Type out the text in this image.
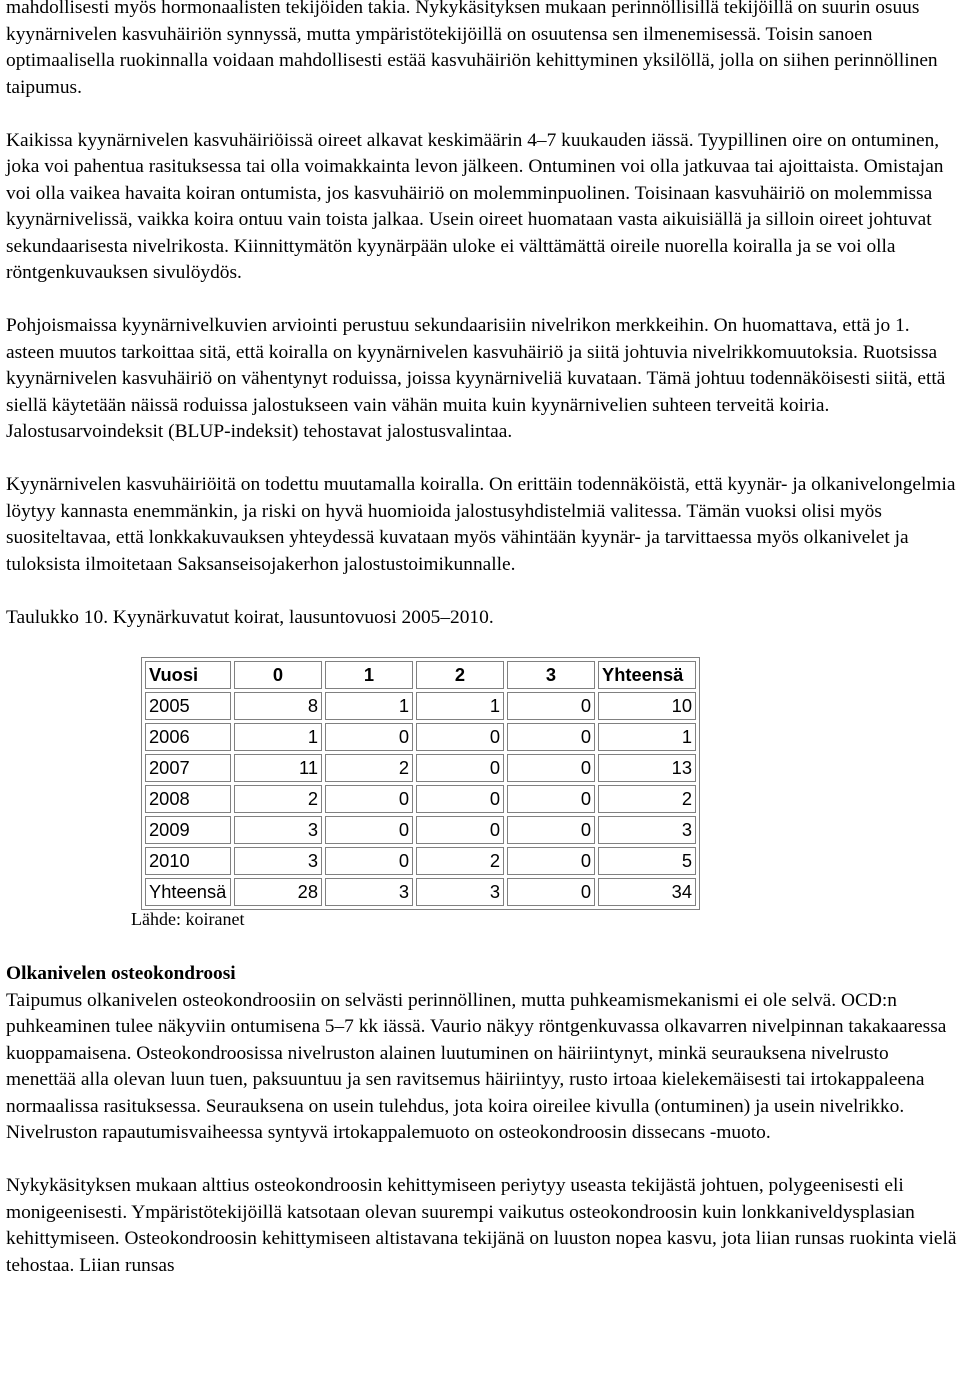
mahdollisesti myös hormonaalisten tekijöiden takia. Nykykäsityksen mukaan perinnöllisillä tekijöillä on suurin osuus kyynärnivelen kasvuhäiriön synnyssä, mutta ympäristötekijöillä on osuutensa sen ilmenemisessä. Toisin sanoen optimaalisella ruokinnalla voidaan mahdollisesti estää kasvuhäiriön kehittyminen yksilöllä, jolla on siihen perinnöllinen taipumus.

Kaikissa kyynärnivelen kasvuhäiriöissä oireet alkavat keskimäärin 4–7 kuukauden iässä. Tyypillinen oire on ontuminen, joka voi pahentua rasituksessa tai olla voimakkainta levon jälkeen. Ontuminen voi olla jatkuvaa tai ajoittaista. Omistajan voi olla vaikea havaita koiran ontumista, jos kasvuhäiriö on molemminpuolinen. Toisinaan kasvuhäiriö on molemmissa kyynärnivelissä, vaikka koira ontuu vain toista jalkaa. Usein oireet huomataan vasta aikuisiällä ja silloin oireet johtuvat sekundaarisesta nivelrikosta. Kiinnittymätön kyynärpään uloke ei välttämättä oireile nuorella koiralla ja se voi olla röntgenkuvauksen sivulöydös.

Pohjoismaissa kyynärnivelkuvien arviointi perustuu sekundaarisiin nivelrikon merkkeihin. On huomattava, että jo 1. asteen muutos tarkoittaa sitä, että koiralla on kyynärnivelen kasvuhäiriö ja siitä johtuvia nivelrikkomuutoksia. Ruotsissa kyynärnivelen kasvuhäiriö on vähentynyt roduissa, joissa kyynärniveliä kuvataan. Tämä johtuu todennäköisesti siitä, että siellä käytetään näissä roduissa jalostukseen vain vähän muita kuin kyynärnivelien suhteen terveitä koiria. Jalostusarvoindeksit (BLUP-indeksit) tehostavat jalostusvalintaa.

Kyynärnivelen kasvuhäiriöitä on todettu muutamalla koiralla. On erittäin todennäköistä, että kyynär- ja olkanivelongelmia löytyy kannasta enemmänkin, ja riski on hyvä huomioida jalostusyhdistelmiä valitessa. Tämän vuoksi olisi myös suositeltavaa, että lonkkakuvauksen yhteydessä kuvataan myös vähintään kyynär- ja tarvittaessa myös olkanivelet ja tuloksista ilmoitetaan Saksanseisojakerhon jalostustoimikunnalle.

Taulukko 10. Kyynärkuvatut koirat, lausuntovuosi 2005–2010.
Vuosi	0	1	2	3	Yhteensä
2005	8	1	1	0	10
2006	1	0	0	0	1
2007	11	2	0	0	13
2008	2	0	0	0	2
2009	3	0	0	0	3
2010	3	0	2	0	5
Yhteensä	28	3	3	0	34
Lähde: koiranet
Olkanivelen osteokondroosi

Taipumus olkanivelen osteokondroosiin on selvästi perinnöllinen, mutta puhkeamismekanismi ei ole selvä. OCD:n puhkeaminen tulee näkyviin ontumisena 5–7 kk iässä. Vaurio näkyy röntgenkuvassa olkavarren nivelpinnan takakaaressa kuoppamaisena. Osteokondroosissa nivelruston alainen luutuminen on häiriintynyt, minkä seurauksena nivelrusto menettää alla olevan luun tuen, paksuuntuu ja sen ravitsemus häiriintyy, rusto irtoaa kielekemäisesti tai irtokappaleena normaalissa rasituksessa. Seurauksena on usein tulehdus, jota koira oireilee kivulla (ontuminen) ja usein nivelrikko. Nivelruston rapautumisvaiheessa syntyvä irtokappalemuoto on osteokondroosin dissecans -muoto.

Nykykäsityksen mukaan alttius osteokondroosin kehittymiseen periytyy useasta tekijästä johtuen, polygeenisesti eli monigeenisesti. Ympäristötekijöillä katsotaan olevan suurempi vaikutus osteokondroosin kuin lonkkaniveldysplasian kehittymiseen. Osteokondroosin kehittymiseen altistavana tekijänä on luuston nopea kasvu, jota liian runsas ruokinta vielä tehostaa. Liian runsas
